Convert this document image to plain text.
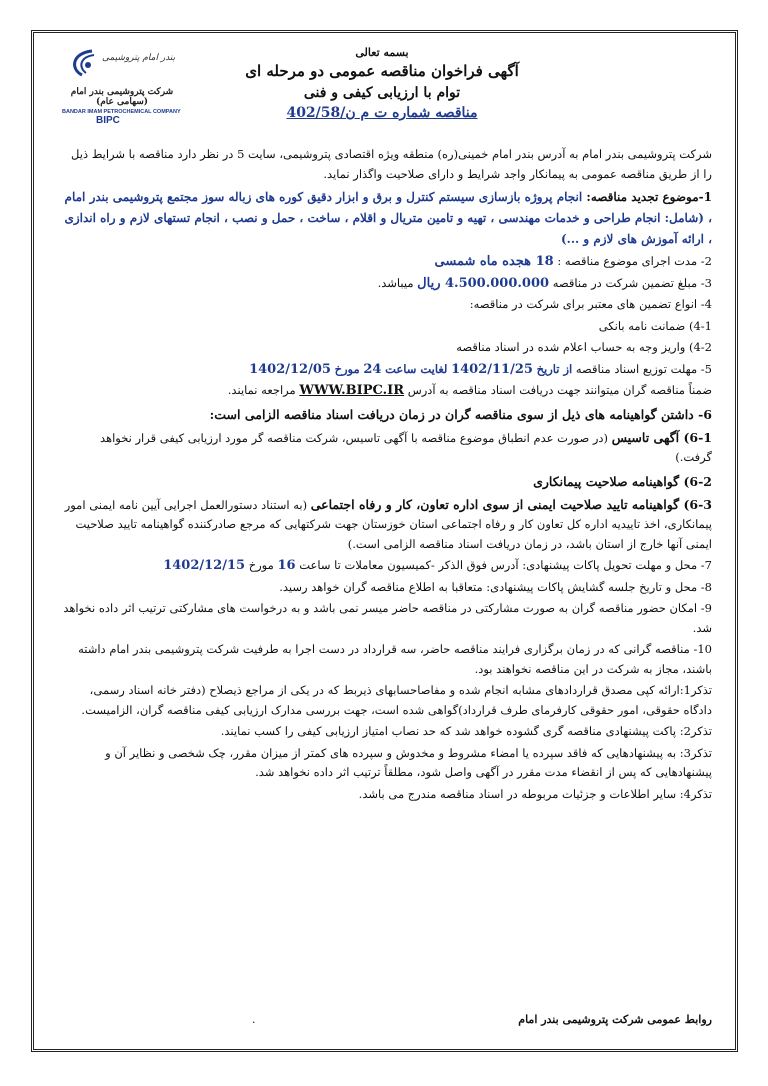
بسمه تعالی
آگهی فراخوان مناقصه عمومی دو مرحله ای
توام با ارزیابی کیفی و فنی
مناقصه شماره ت م ن/402/58
بندر امام پتروشیمی
شرکت پتروشیمی بندر امام (سهامی عام)
BANDAR IMAM PETROCHEMICAL COMPANY
BIPC

شرکت پتروشیمی بندر امام به آدرس بندر امام خمینی(ره) منطقه ویژه اقتصادی پتروشیمی، سایت 5 در نظر دارد مناقصه با شرایط ذیل را از طریق مناقصه عمومی به پیمانکار واجد شرایط و دارای صلاحیت واگذار نماید.

1-موضوع تجدید مناقصه: انجام پروژه بازسازی سیستم کنترل و برق و ابزار دقیق کوره های زباله سوز مجتمع پتروشیمی بندر امام ، (شامل: انجام طراحی و خدمات مهندسی ، تهیه و تامین متریال و اقلام ، ساخت ، حمل و نصب ، انجام تستهای لازم و راه اندازی ، ارائه آموزش های لازم و ...)

2- مدت اجرای موضوع مناقصه : 18 هجده ماه شمسی

3- مبلغ تضمین شرکت در مناقصه 4.500.000.000 ریال میباشد.

4- انواع تضمین های معتبر برای شرکت در مناقصه:

4-1) ضمانت نامه بانکی

4-2) واریز وجه به حساب اعلام شده در اسناد مناقصه

5- مهلت توزیع اسناد مناقصه از تاریخ 1402/11/25 لغایت ساعت 24 مورخ 1402/12/05

ضمناً مناقصه گران میتوانند جهت دریافت اسناد مناقصه به آدرس WWW.BIPC.IR مراجعه نمایند.

6- داشتن گواهینامه های ذیل از سوی مناقصه گران در زمان دریافت اسناد مناقصه الزامی است:

6-1) آگهی تاسیس (در صورت عدم انطباق موضوع مناقصه با آگهی تاسیس، شرکت مناقصه گر مورد ارزیابی کیفی قرار نخواهد گرفت.)

6-2) گواهینامه صلاحیت پیمانکاری

6-3) گواهینامه تایید صلاحیت ایمنی از سوی اداره تعاون، کار و رفاه اجتماعی (به استناد دستورالعمل اجرایی آیین نامه ایمنی امور پیمانکاری، اخذ تاییدیه اداره کل تعاون کار و رفاه اجتماعی استان خوزستان جهت شرکتهایی که مرجع صادرکننده گواهینامه تایید صلاحیت ایمنی آنها خارج از استان باشد، در زمان دریافت اسناد مناقصه الزامی است.)

7- محل و مهلت تحویل پاکات پیشنهادی: آدرس فوق الذکر -کمیسیون معاملات تا ساعت 16 مورخ 1402/12/15

8- محل و تاریخ جلسه گشایش پاکات پیشنهادی: متعاقبا به اطلاع مناقصه گران خواهد رسید.

9- امکان حضور مناقصه گران به صورت مشارکتی در مناقصه حاضر میسر نمی باشد و به درخواست های مشارکتی ترتیب اثر داده نخواهد شد.

10- مناقصه گرانی که در زمان برگزاری فرایند مناقصه حاضر، سه قرارداد در دست اجرا به طرفیت شرکت پتروشیمی بندر امام داشته باشند، مجاز به شرکت در این مناقصه نخواهند بود.

تذکر1:ارائه کپی مصدق قراردادهای مشابه انجام شده و مفاصاحسابهای ذیربط که در یکی از مراجع ذیصلاح (دفتر خانه اسناد رسمی، دادگاه حقوقی، امور حقوقی کارفرمای طرف قرارداد)گواهی شده است، جهت بررسی مدارک ارزیابی کیفی مناقصه گران، الزامیست.

تذکر2: پاکت پیشنهادی مناقصه گری گشوده خواهد شد که حد نصاب امتیاز ارزیابی کیفی را کسب نمایند.

تذکر3: به پیشنهادهایی که فاقد سپرده یا امضاء مشروط و مخدوش و سپرده های کمتر از میزان مقرر، چک شخصی و نظایر آن و پیشنهادهایی که پس از انقضاء مدت مقرر در آگهی واصل شود، مطلقاً ترتیب اثر داده نخواهد شد.

تذکر4: سایر اطلاعات و جزئیات مربوطه در اسناد مناقصه مندرج می باشد.

روابط عمومی شرکت پتروشیمی بندر امام
.
